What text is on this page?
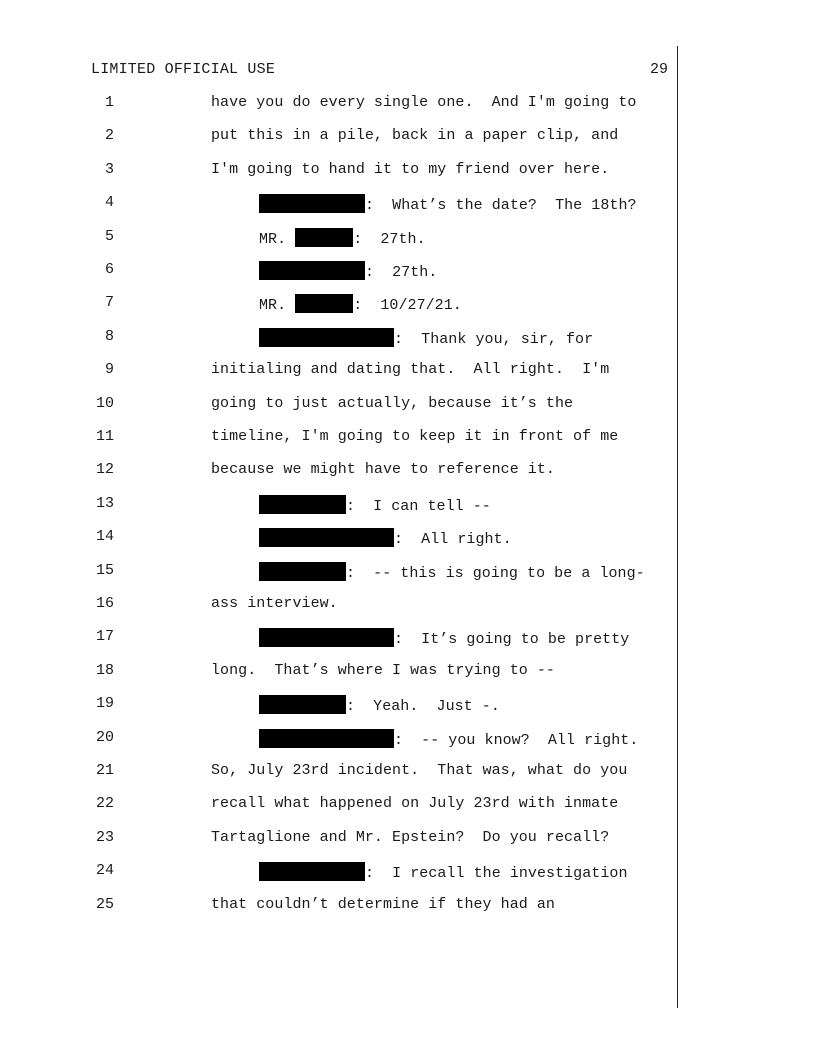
LIMITED OFFICIAL USE	29
1	have you do every single one.  And I'm going to
2	put this in a pile, back in a paper clip, and
3	I'm going to hand it to my friend over here.
4	:  What’s the date?  The 18th?
5	MR.	:  27th.
6	:  27th.
7	MR.	:  10/27/21.
8	:  Thank you, sir, for
9	initialing and dating that.  All right.  I'm
10	going to just actually, because it’s the
11	timeline, I'm going to keep it in front of me
12	because we might have to reference it.
13	:  I can tell --
14	:  All right.
15	:  -- this is going to be a long-
16	ass interview.
17	:  It’s going to be pretty
18	long.  That’s where I was trying to --
19	:  Yeah.  Just -.
20	:  -- you know?  All right.
21	So, July 23rd incident.  That was, what do you
22	recall what happened on July 23rd with inmate
23	Tartaglione and Mr. Epstein?  Do you recall?
24	:  I recall the investigation
25	that couldn’t determine if they had an
